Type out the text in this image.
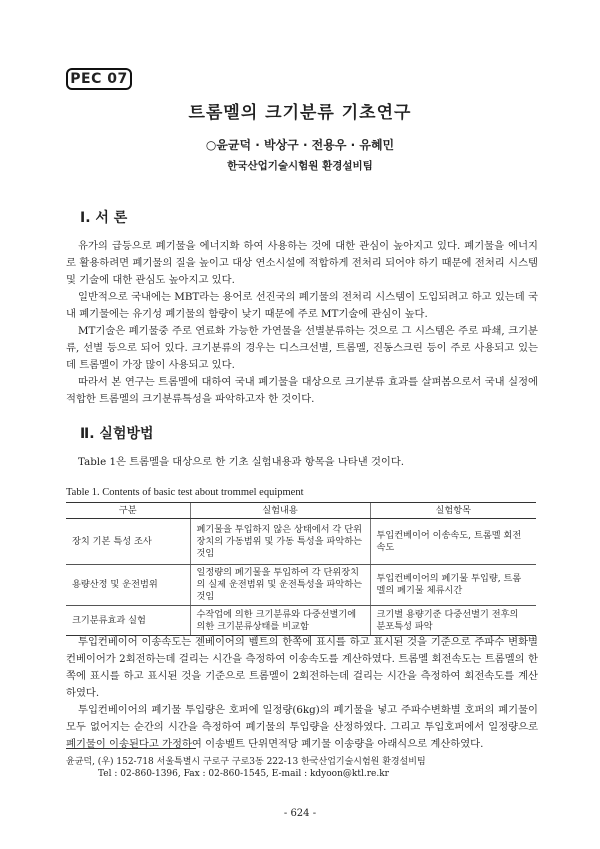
PEC 07
트롬멜의 크기분류 기초연구
○윤균덕 · 박상구 · 전용우 · 유혜민
한국산업기술시험원 환경설비팀
Ⅰ. 서 론

유가의 급등으로 폐기물을 에너지화 하여 사용하는 것에 대한 관심이 높아지고 있다. 폐기물을 에너지로 활용하려면 폐기물의 질을 높이고 대상 연소시설에 적합하게 전처리 되어야 하기 때문에 전처리 시스템 및 기술에 대한 관심도 높아지고 있다.

일반적으로 국내에는 MBT라는 용어로 선진국의 폐기물의 전처리 시스템이 도입되려고 하고 있는데 국내 폐기물에는 유기성 폐기물의 함량이 낮기 때문에 주로 MT기술에 관심이 높다.

MT기술은 폐기물중 주로 연료화 가능한 가연물을 선별분류하는 것으로 그 시스템은 주로 파쇄, 크기분류, 선별 등으로 되어 있다. 크기분류의 경우는 디스크선별, 트롬멜, 진동스크린 등이 주로 사용되고 있는데 트롬멜이 가장 많이 사용되고 있다.

따라서 본 연구는 트롬멜에 대하여 국내 폐기물을 대상으로 크기분류 효과를 살펴봄으로서 국내 실정에 적합한 트롬멜의 크기분류특성을 파악하고자 한 것이다.

Ⅱ. 실험방법

Table 1은 트롬멜을 대상으로 한 기초 실험내용과 항목을 나타낸 것이다.

Table 1. Contents of basic test about trommel equipment
구분	실험내용	실험항목
장치 기본 특성 조사	폐기물을 투입하지 않은 상태에서 각 단위장치의 가동범위 및 가동 특성을 파악하는 것임	투입컨베이어 이송속도, 트롬멜 회전속도
용량산정 및 운전범위	일정량의 폐기물을 투입하여 각 단위장치의 실제 운전범위 및 운전특성을 파악하는 것임	투입컨베이어의 폐기물 투입량, 트롬멜의 폐기물 체류시간
크기분류효과 실험	수작업에 의한 크기분류와 다중선별기에 의한 크기분류상태를 비교함	크기별 용량기준 다중선별기 전후의 분포특성 파악

투입컨베이어 이송속도는 젠베이어의 벨트의 한쪽에 표시를 하고 표시된 것을 기준으로 주파수 변화별 컨베이어가 2회전하는데 걸리는 시간을 측정하여 이송속도를 계산하였다. 트롬멜 회전속도는 트롬멜의 한쪽에 표시를 하고 표시된 것을 기준으로 트롬멜이 2회전하는데 걸리는 시간을 측정하여 회전속도를 계산하였다.

투입컨베이어의 폐기물 투입량은 호퍼에 일정량(6kg)의 폐기물을 넣고 주파수변화별 호퍼의 폐기물이 모두 없어지는 순간의 시간을 측정하여 폐기물의 투입량을 산정하였다. 그리고 투입호퍼에서 일정량으로 폐기물이 이송된다고 가정하여 이송벨트 단위면적당 폐기물 이송량을 아래식으로 계산하였다.

윤균덕, (우) 152-718 서울특별시 구로구 구로3동 222-13 한국산업기술시험원 환경설비팀
Tel : 02-860-1396, Fax : 02-860-1545, E-mail : kdyoon@ktl.re.kr
- 624 -
